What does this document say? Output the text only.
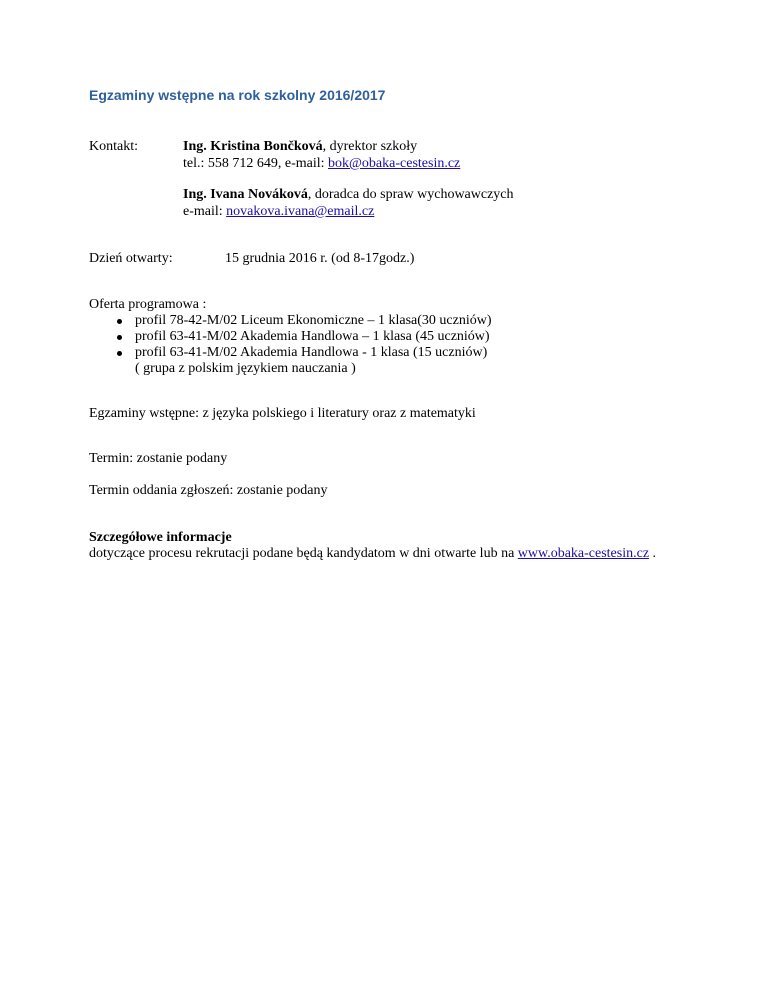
Egzaminy wstępne na rok szkolny 2016/2017
Kontakt:	Ing. Kristina Bončková, dyrektor szkoły
tel.: 558 712 649, e-mail: bok@obaka-cestesin.cz
Ing. Ivana Nováková, doradca do spraw wychowawczych
e-mail: novakova.ivana@email.cz
Dzień otwarty:	15 grudnia 2016 r. (od 8-17godz.)
Oferta programowa :
profil 78-42-M/02 Liceum Ekonomiczne – 1 klasa(30 uczniów)
profil 63-41-M/02 Akademia Handlowa – 1 klasa (45 uczniów)
profil 63-41-M/02 Akademia Handlowa - 1 klasa (15 uczniów)
( grupa z polskim językiem nauczania )
Egzaminy wstępne: z języka polskiego i literatury oraz z matematyki
Termin: zostanie podany
Termin oddania zgłoszeń: zostanie podany
Szczegółowe informacje
dotyczące procesu rekrutacji podane będą kandydatom w dni otwarte lub na www.obaka-cestesin.cz .
